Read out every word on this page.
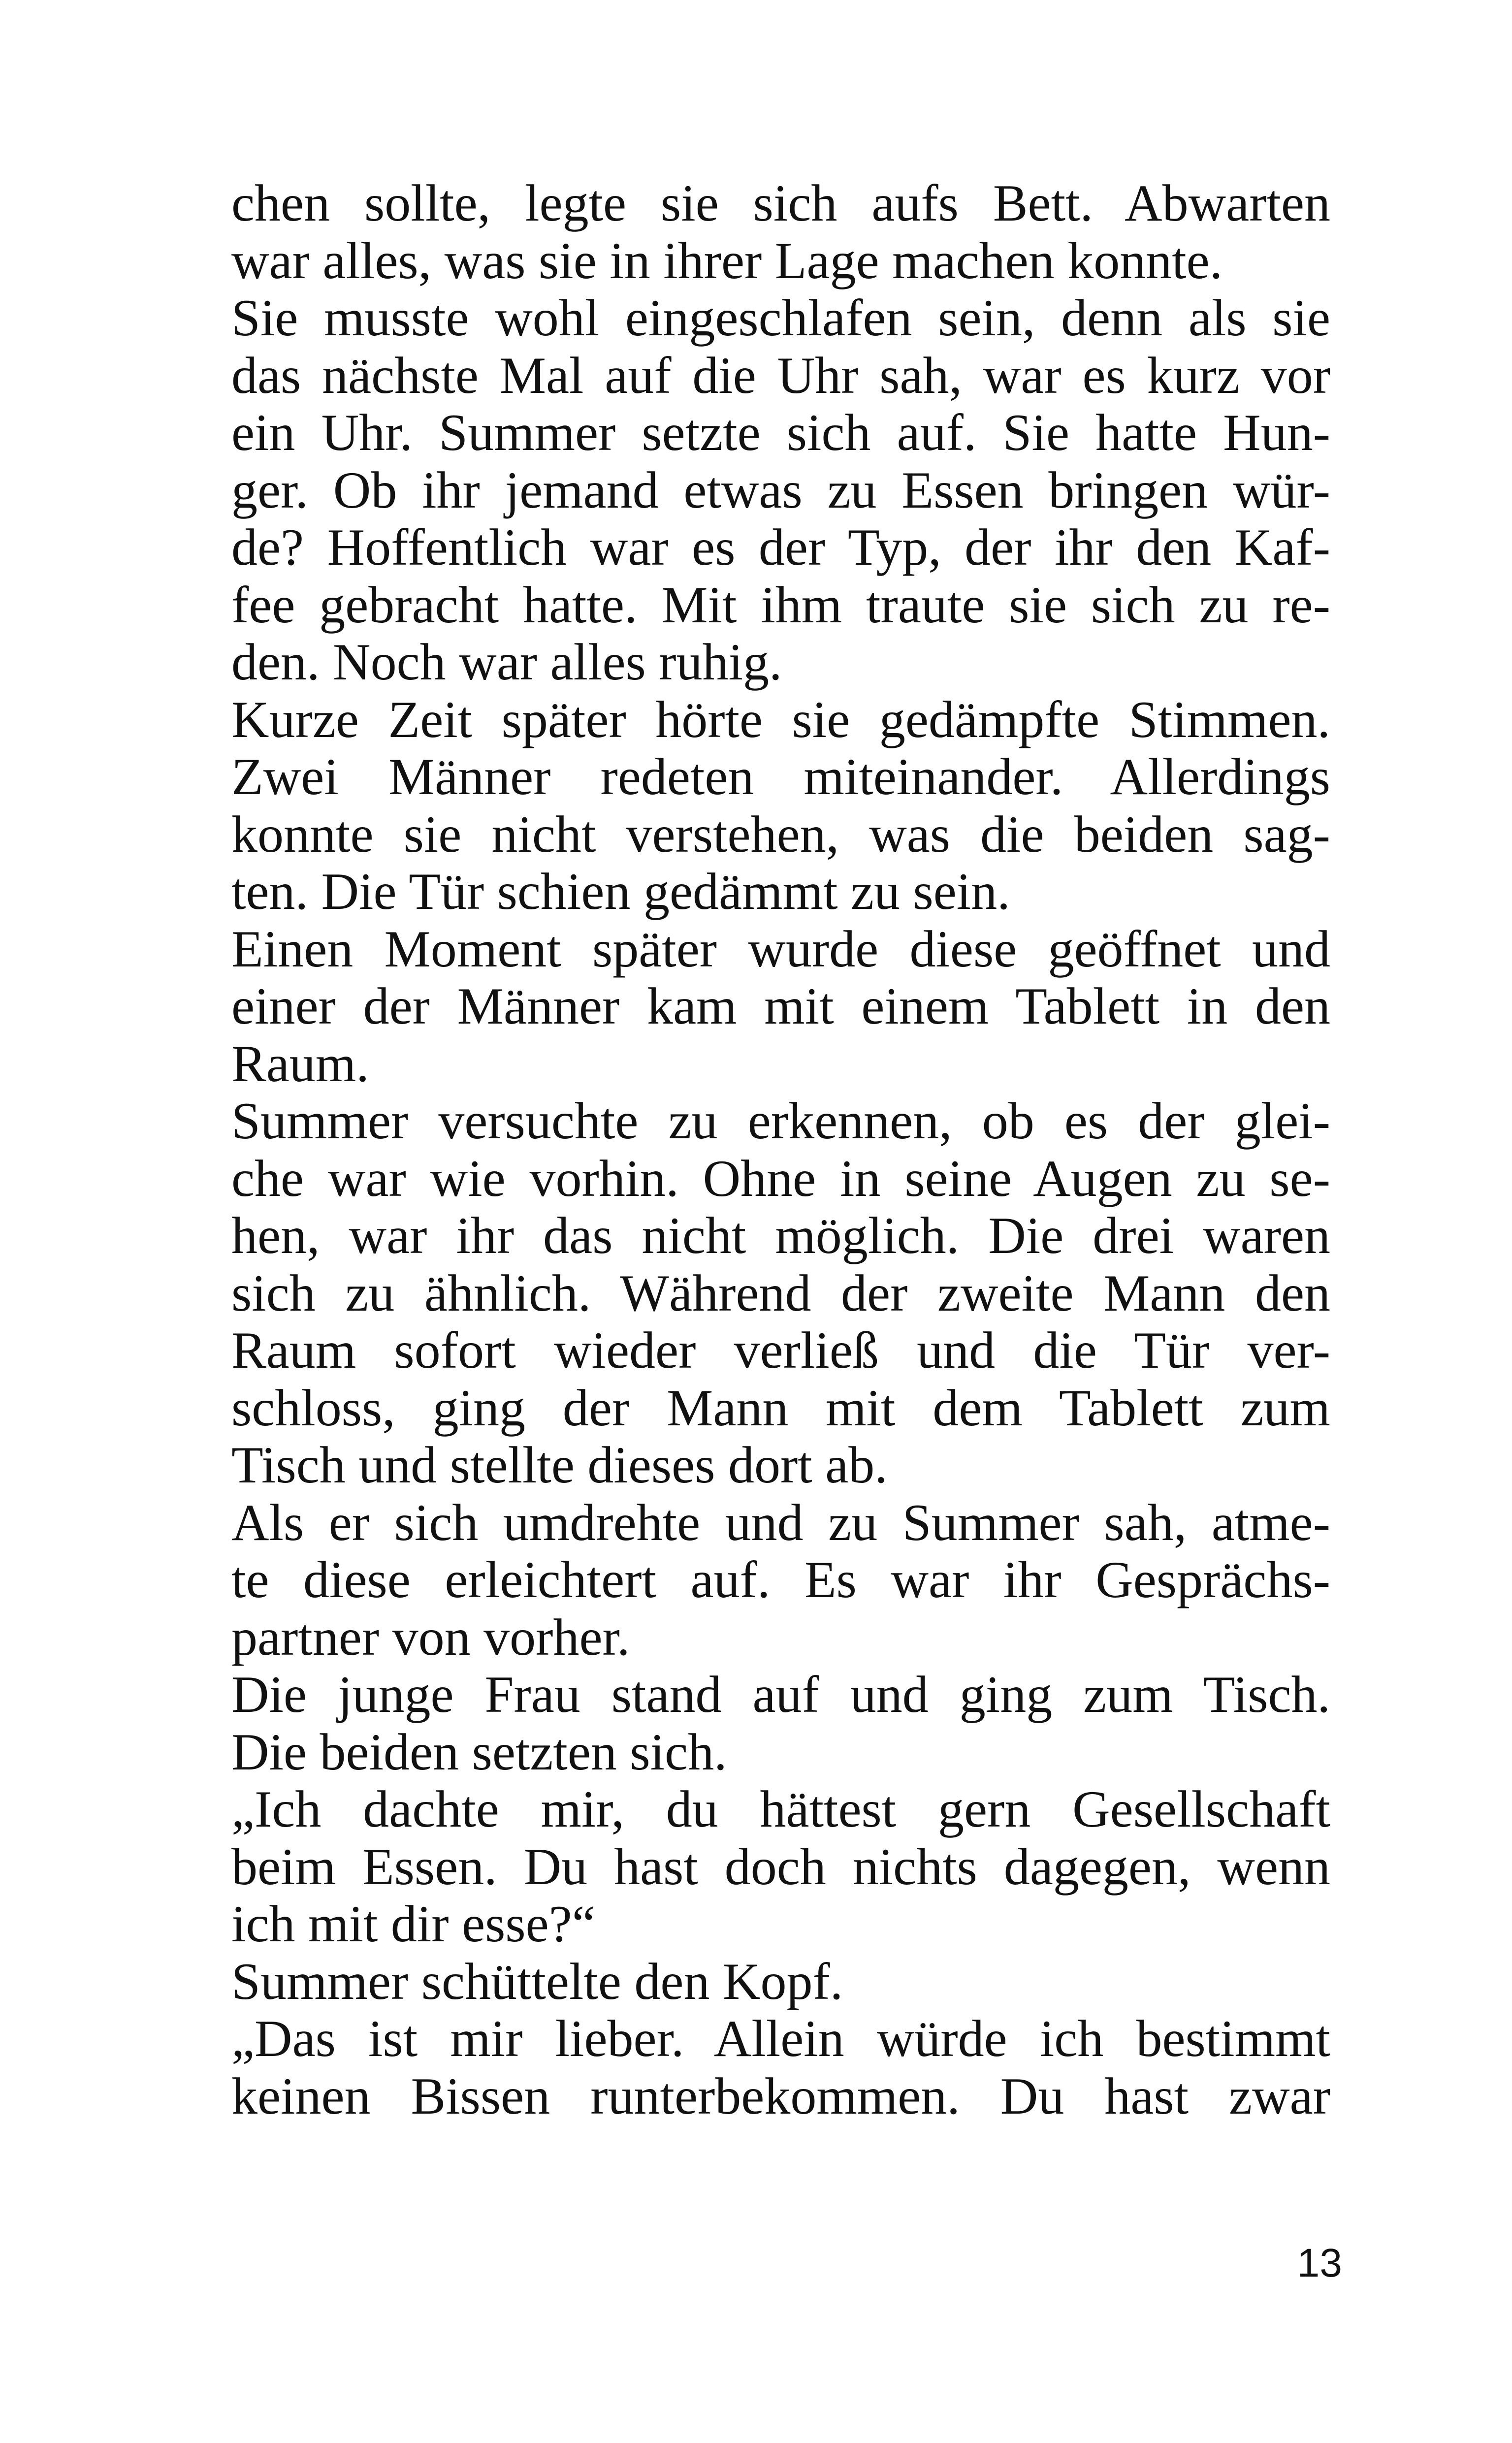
chen sollte, legte sie sich aufs Bett. Abwarten
war alles, was sie in ihrer Lage machen konnte.
Sie musste wohl eingeschlafen sein, denn als sie
das nächste Mal auf die Uhr sah, war es kurz vor
ein Uhr. Summer setzte sich auf. Sie hatte Hun-
ger. Ob ihr jemand etwas zu Essen bringen wür-
de? Hoffentlich war es der Typ, der ihr den Kaf-
fee gebracht hatte. Mit ihm traute sie sich zu re-
den. Noch war alles ruhig.
Kurze Zeit später hörte sie gedämpfte Stimmen.
Zwei Männer redeten miteinander. Allerdings
konnte sie nicht verstehen, was die beiden sag-
ten. Die Tür schien gedämmt zu sein.
Einen Moment später wurde diese geöffnet und
einer der Männer kam mit einem Tablett in den
Raum.
Summer versuchte zu erkennen, ob es der glei-
che war wie vorhin. Ohne in seine Augen zu se-
hen, war ihr das nicht möglich. Die drei waren
sich zu ähnlich. Während der zweite Mann den
Raum sofort wieder verließ und die Tür ver-
schloss, ging der Mann mit dem Tablett zum
Tisch und stellte dieses dort ab.
Als er sich umdrehte und zu Summer sah, atme-
te diese erleichtert auf. Es war ihr Gesprächs-
partner von vorher.
Die junge Frau stand auf und ging zum Tisch.
Die beiden setzten sich.
„Ich dachte mir, du hättest gern Gesellschaft
beim Essen. Du hast doch nichts dagegen, wenn
ich mit dir esse?“
Summer schüttelte den Kopf.
„Das ist mir lieber. Allein würde ich bestimmt
keinen Bissen runterbekommen. Du hast zwar
13
